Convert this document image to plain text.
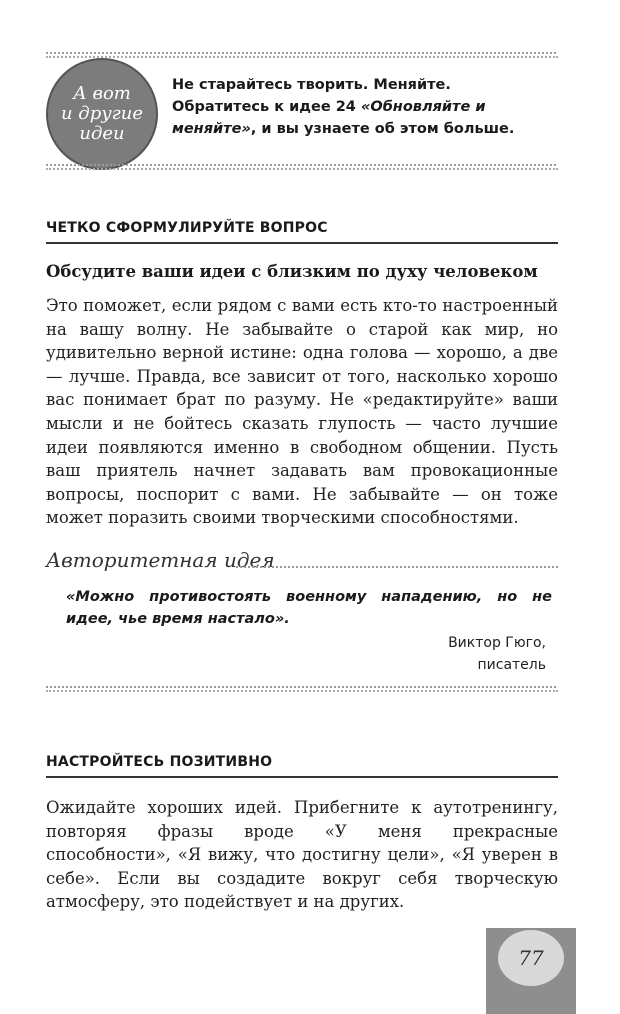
А вот
и другие
идеи
Не старайтесь творить. Меняйте. Обратитесь к идее 24 «Обновляйте и меняйте», и вы узнаете об этом больше.
ЧЕТКО СФОРМУЛИРУЙТЕ ВОПРОС
Обсудите ваши идеи с близким по духу человеком

Это поможет, если рядом с вами есть кто-то настроенный на вашу волну. Не забывайте о старой как мир, но удивительно верной истине: одна голова — хорошо, а две — лучше. Правда, все зависит от того, насколько хорошо вас понимает брат по разуму. Не «редактируйте» ваши мысли и не бойтесь сказать глупость — часто лучшие идеи появляются именно в свободном общении. Пусть ваш приятель начнет задавать вам провокационные вопросы, поспорит с вами. Не забывайте — он тоже может поразить своими творческими способностями.

Авторитетная идея
«Можно противостоять военному нападению, но не идее, чье время настало».
Виктор Гюго,
писатель
НАСТРОЙТЕСЬ ПОЗИТИВНО

Ожидайте хороших идей. Прибегните к аутотренингу, повторяя фразы вроде «У меня прекрасные способности», «Я вижу, что достигну цели», «Я уверен в себе». Если вы создадите вокруг себя творческую атмосферу, это подействует и на других.

77
